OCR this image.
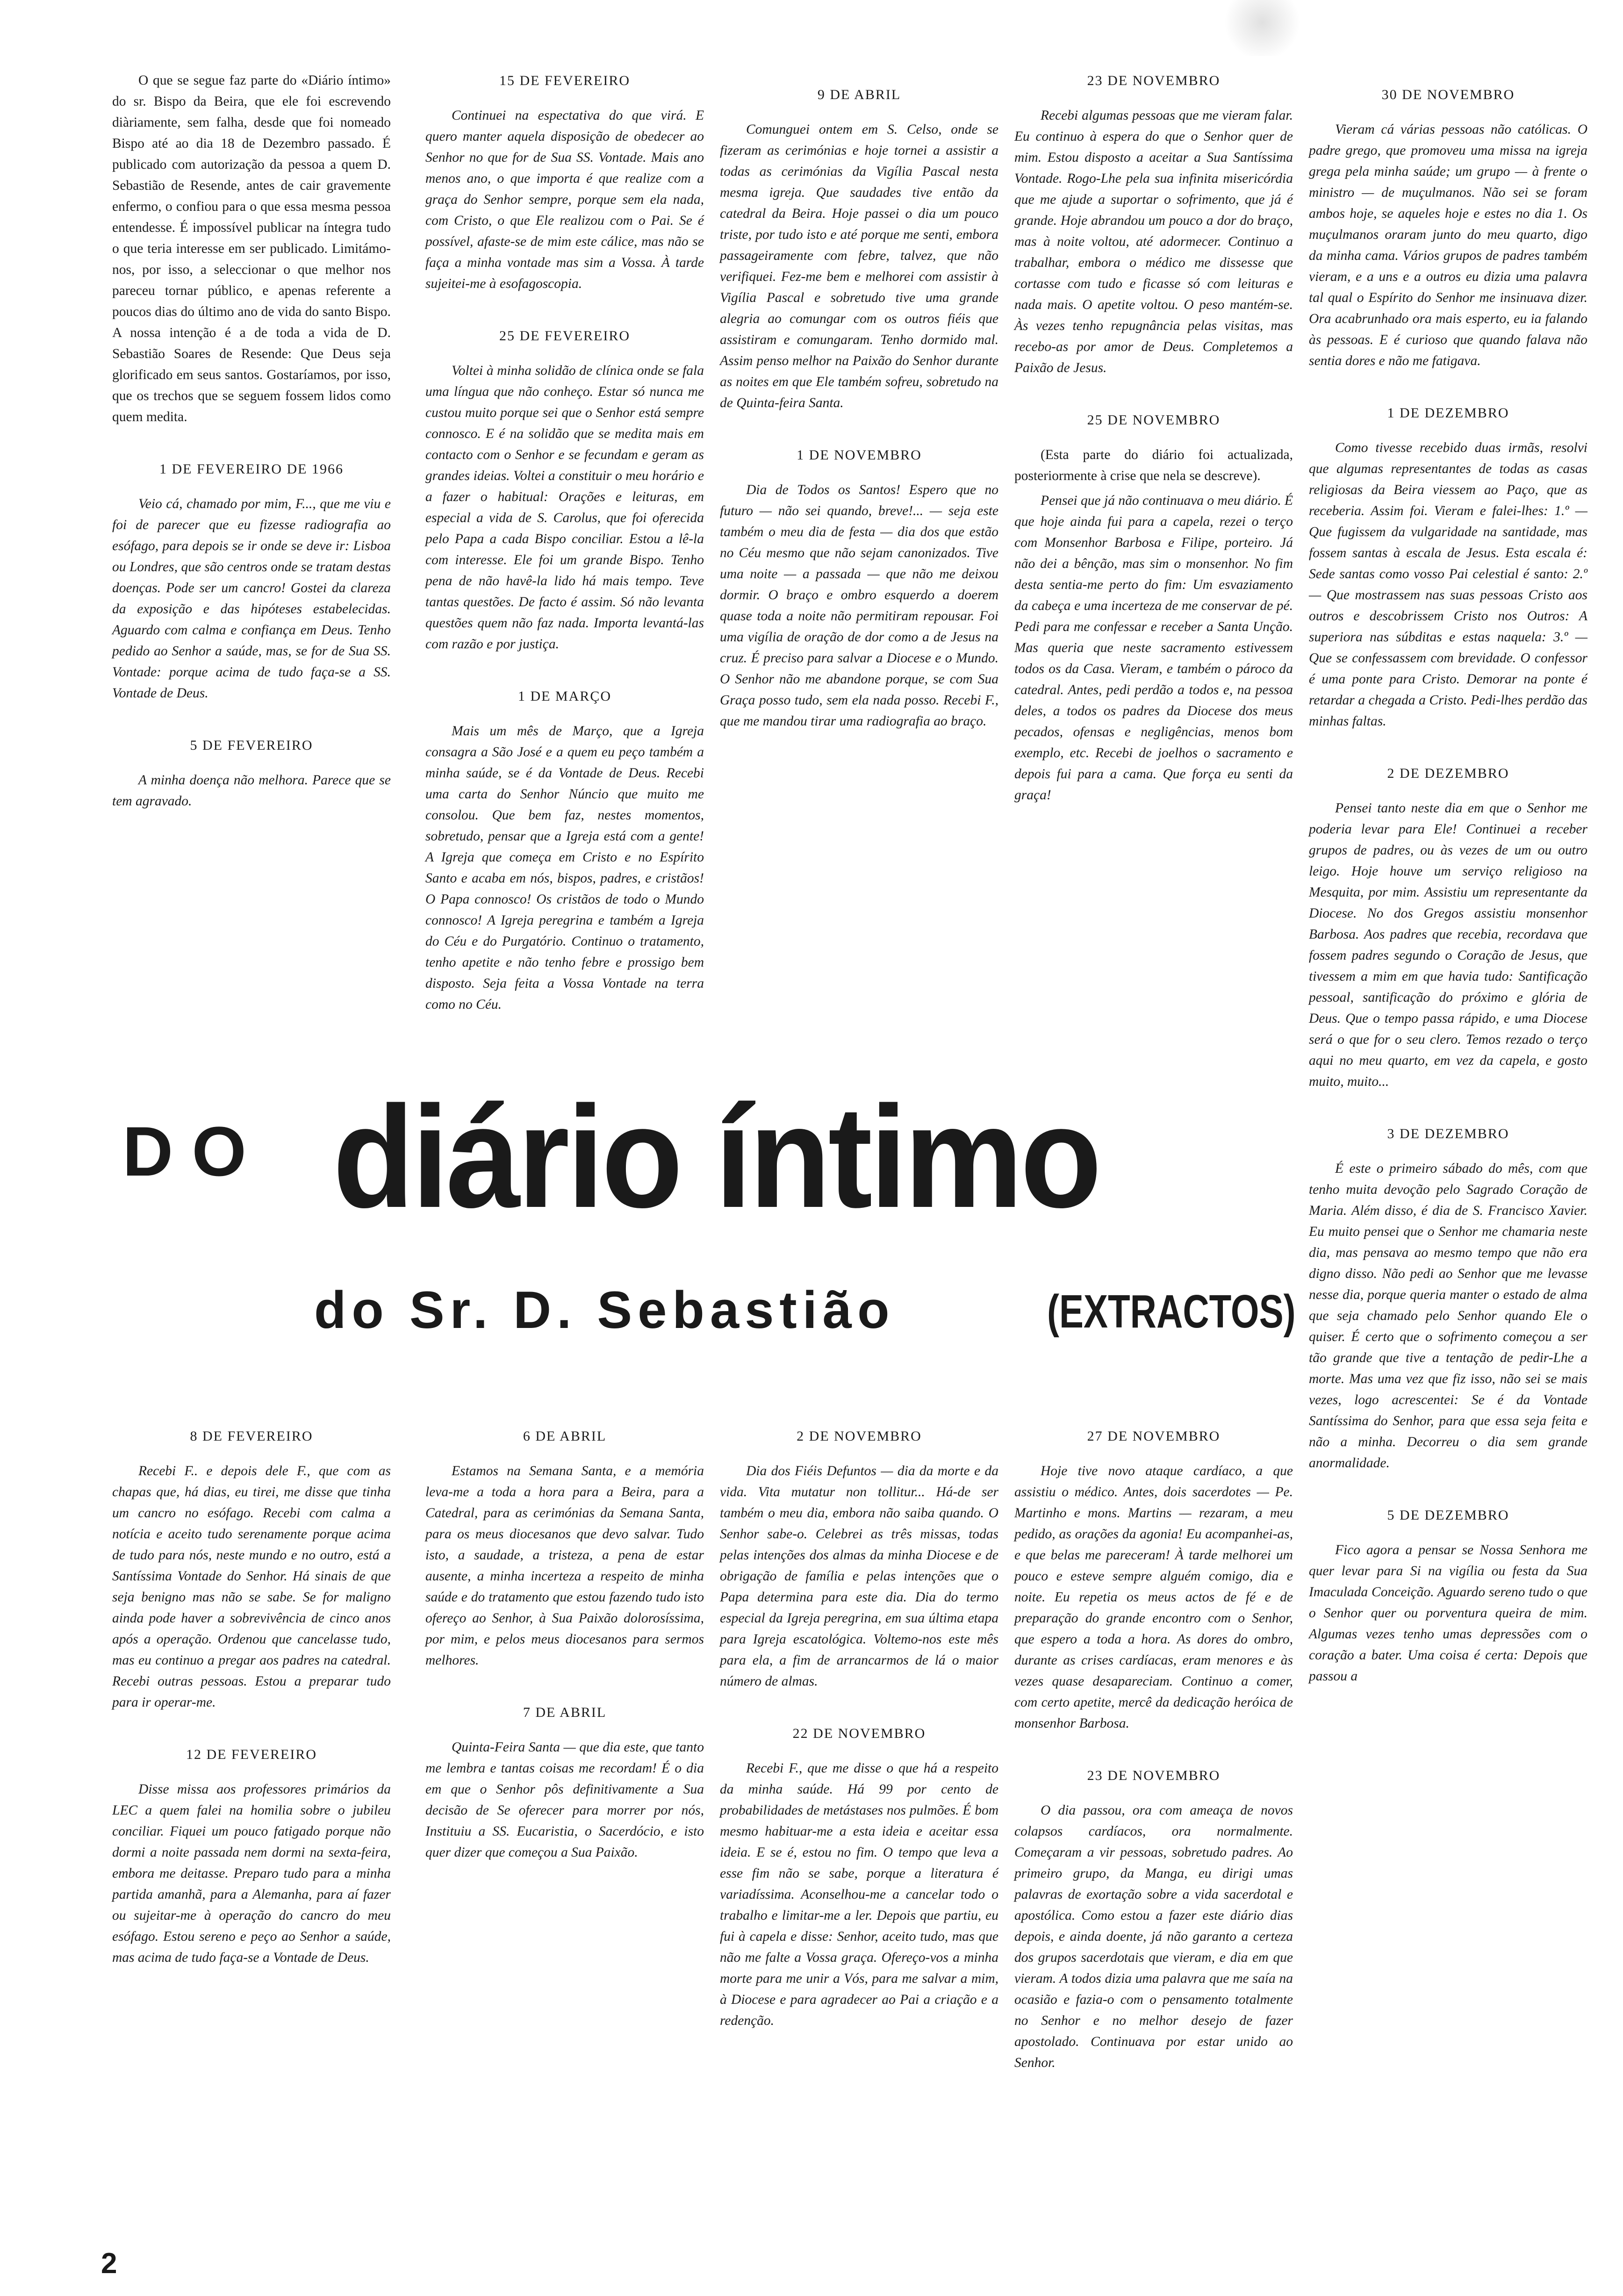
O que se segue faz parte do «Diário íntimo» do sr. Bispo da Beira, que ele foi escrevendo diàriamente, sem falha, desde que foi nomeado Bispo até ao dia 18 de Dezembro passado. É publicado com autorização da pessoa a quem D. Sebastião de Resende, antes de cair gravemente enfermo, o confiou para o que essa mesma pessoa entendesse. É impossível publicar na íntegra tudo o que teria interesse em ser publicado. Limitámo-nos, por isso, a seleccionar o que melhor nos pareceu tornar público, e apenas referente a poucos dias do último ano de vida do santo Bispo. A nossa intenção é a de toda a vida de D. Sebastião Soares de Resende: Que Deus seja glorificado em seus santos. Gostaríamos, por isso, que os trechos que se seguem fossem lidos como quem medita.

1 DE FEVEREIRO DE 1966

Veio cá, chamado por mim, F..., que me viu e foi de parecer que eu fizesse radiografia ao esófago, para depois se ir onde se deve ir: Lisboa ou Londres, que são centros onde se tratam destas doenças. Pode ser um cancro! Gostei da clareza da exposição e das hipóteses estabelecidas. Aguardo com calma e confiança em Deus. Tenho pedido ao Senhor a saúde, mas, se for de Sua SS. Vontade: porque acima de tudo faça-se a SS. Vontade de Deus.

5 DE FEVEREIRO

A minha doença não melhora. Parece que se tem agravado.

15 DE FEVEREIRO

Continuei na espectativa do que virá. E quero manter aquela disposição de obedecer ao Senhor no que for de Sua SS. Vontade. Mais ano menos ano, o que importa é que realize com a graça do Senhor sempre, porque sem ela nada, com Cristo, o que Ele realizou com o Pai. Se é possível, afaste-se de mim este cálice, mas não se faça a minha vontade mas sim a Vossa. À tarde sujeitei-me à esofagoscopia.

25 DE FEVEREIRO

Voltei à minha solidão de clínica onde se fala uma língua que não conheço. Estar só nunca me custou muito porque sei que o Senhor está sempre connosco. E é na solidão que se medita mais em contacto com o Senhor e se fecundam e geram as grandes ideias. Voltei a constituir o meu horário e a fazer o habitual: Orações e leituras, em especial a vida de S. Carolus, que foi oferecida pelo Papa a cada Bispo conciliar. Estou a lê-la com interesse. Ele foi um grande Bispo. Tenho pena de não havê-la lido há mais tempo. Teve tantas questões. De facto é assim. Só não levanta questões quem não faz nada. Importa levantá-las com razão e por justiça.

1 DE MARÇO

Mais um mês de Março, que a Igreja consagra a São José e a quem eu peço também a minha saúde, se é da Vontade de Deus. Recebi uma carta do Senhor Núncio que muito me consolou. Que bem faz, nestes momentos, sobretudo, pensar que a Igreja está com a gente! A Igreja que começa em Cristo e no Espírito Santo e acaba em nós, bispos, padres, e cristãos! O Papa connosco! Os cristãos de todo o Mundo connosco! A Igreja peregrina e também a Igreja do Céu e do Purgatório. Continuo o tratamento, tenho apetite e não tenho febre e prossigo bem disposto. Seja feita a Vossa Vontade na terra como no Céu.

9 DE ABRIL

Comunguei ontem em S. Celso, onde se fizeram as cerimónias e hoje tornei a assistir a todas as cerimónias da Vigília Pascal nesta mesma igreja. Que saudades tive então da catedral da Beira. Hoje passei o dia um pouco triste, por tudo isto e até porque me senti, embora passageiramente com febre, talvez, que não verifiquei. Fez-me bem e melhorei com assistir à Vigília Pascal e sobretudo tive uma grande alegria ao comungar com os outros fiéis que assistiram e comungaram. Tenho dormido mal. Assim penso melhor na Paixão do Senhor durante as noites em que Ele também sofreu, sobretudo na de Quinta-feira Santa.

1 DE NOVEMBRO

Dia de Todos os Santos! Espero que no futuro — não sei quando, breve!... — seja este também o meu dia de festa — dia dos que estão no Céu mesmo que não sejam canonizados. Tive uma noite — a passada — que não me deixou dormir. O braço e ombro esquerdo a doerem quase toda a noite não permitiram repousar. Foi uma vigília de oração de dor como a de Jesus na cruz. É preciso para salvar a Diocese e o Mundo. O Senhor não me abandone porque, se com Sua Graça posso tudo, sem ela nada posso. Recebi F., que me mandou tirar uma radiografia ao braço.

23 DE NOVEMBRO

Recebi algumas pessoas que me vieram falar. Eu continuo à espera do que o Senhor quer de mim. Estou disposto a aceitar a Sua Santíssima Vontade. Rogo-Lhe pela sua infinita misericórdia que me ajude a suportar o sofrimento, que já é grande. Hoje abrandou um pouco a dor do braço, mas à noite voltou, até adormecer. Continuo a trabalhar, embora o médico me dissesse que cortasse com tudo e ficasse só com leituras e nada mais. O apetite voltou. O peso mantém-se. Às vezes tenho repugnância pelas visitas, mas recebo-as por amor de Deus. Completemos a Paixão de Jesus.

25 DE NOVEMBRO

(Esta parte do diário foi actualizada, posteriormente à crise que nela se descreve).

Pensei que já não continuava o meu diário. É que hoje ainda fui para a capela, rezei o terço com Monsenhor Barbosa e Filipe, porteiro. Já não dei a bênção, mas sim o monsenhor. No fim desta sentia-me perto do fim: Um esvaziamento da cabeça e uma incerteza de me conservar de pé. Pedi para me confessar e receber a Santa Unção. Mas queria que neste sacramento estivessem todos os da Casa. Vieram, e também o pároco da catedral. Antes, pedi perdão a todos e, na pessoa deles, a todos os padres da Diocese dos meus pecados, ofensas e negligências, menos bom exemplo, etc. Recebi de joelhos o sacramento e depois fui para a cama. Que força eu senti da graça!

30 DE NOVEMBRO

Vieram cá várias pessoas não católicas. O padre grego, que promoveu uma missa na igreja grega pela minha saúde; um grupo — à frente o ministro — de muçulmanos. Não sei se foram ambos hoje, se aqueles hoje e estes no dia 1. Os muçulmanos oraram junto do meu quarto, digo da minha cama. Vários grupos de padres também vieram, e a uns e a outros eu dizia uma palavra tal qual o Espírito do Senhor me insinuava dizer. Ora acabrunhado ora mais esperto, eu ia falando às pessoas. E é curioso que quando falava não sentia dores e não me fatigava.

1 DE DEZEMBRO

Como tivesse recebido duas irmãs, resolvi que algumas representantes de todas as casas religiosas da Beira viessem ao Paço, que as receberia. Assim foi. Vieram e falei-lhes: 1.º — Que fugissem da vulgaridade na santidade, mas fossem santas à escala de Jesus. Esta escala é: Sede santas como vosso Pai celestial é santo: 2.º — Que mostrassem nas suas pessoas Cristo aos outros e descobrissem Cristo nos Outros: A superiora nas súbditas e estas naquela: 3.º — Que se confessassem com brevidade. O confessor é uma ponte para Cristo. Demorar na ponte é retardar a chegada a Cristo. Pedi-lhes perdão das minhas faltas.

2 DE DEZEMBRO

Pensei tanto neste dia em que o Senhor me poderia levar para Ele! Continuei a receber grupos de padres, ou às vezes de um ou outro leigo. Hoje houve um serviço religioso na Mesquita, por mim. Assistiu um representante da Diocese. No dos Gregos assistiu monsenhor Barbosa. Aos padres que recebia, recordava que fossem padres segundo o Coração de Jesus, que tivessem a mim em que havia tudo: Santificação pessoal, santificação do próximo e glória de Deus. Que o tempo passa rápido, e uma Diocese será o que for o seu clero. Temos rezado o terço aqui no meu quarto, em vez da capela, e gosto muito, muito...

3 DE DEZEMBRO

É este o primeiro sábado do mês, com que tenho muita devoção pelo Sagrado Coração de Maria. Além disso, é dia de S. Francisco Xavier. Eu muito pensei que o Senhor me chamaria neste dia, mas pensava ao mesmo tempo que não era digno disso. Não pedi ao Senhor que me levasse nesse dia, porque queria manter o estado de alma que seja chamado pelo Senhor quando Ele o quiser. É certo que o sofrimento começou a ser tão grande que tive a tentação de pedir-Lhe a morte. Mas uma vez que fiz isso, não sei se mais vezes, logo acrescentei: Se é da Vontade Santíssima do Senhor, para que essa seja feita e não a minha. Decorreu o dia sem grande anormalidade.

5 DE DEZEMBRO

Fico agora a pensar se Nossa Senhora me quer levar para Si na vigília ou festa da Sua Imaculada Conceição. Aguardo sereno tudo o que o Senhor quer ou porventura queira de mim. Algumas vezes tenho umas depressões com o coração a bater. Uma coisa é certa: Depois que passou a

DO diário íntimo
do Sr. D. Sebastião	(EXTRACTOS)
8 DE FEVEREIRO

Recebi F.. e depois dele F., que com as chapas que, há dias, eu tirei, me disse que tinha um cancro no esófago. Recebi com calma a notícia e aceito tudo serenamente porque acima de tudo para nós, neste mundo e no outro, está a Santíssima Vontade do Senhor. Há sinais de que seja benigno mas não se sabe. Se for maligno ainda pode haver a sobrevivência de cinco anos após a operação. Ordenou que cancelasse tudo, mas eu continuo a pregar aos padres na catedral. Recebi outras pessoas. Estou a preparar tudo para ir operar-me.

12 DE FEVEREIRO

Disse missa aos professores primários da LEC a quem falei na homilia sobre o jubileu conciliar. Fiquei um pouco fatigado porque não dormi a noite passada nem dormi na sexta-feira, embora me deitasse. Preparo tudo para a minha partida amanhã, para a Alemanha, para aí fazer ou sujeitar-me à operação do cancro do meu esófago. Estou sereno e peço ao Senhor a saúde, mas acima de tudo faça-se a Vontade de Deus.

6 DE ABRIL

Estamos na Semana Santa, e a memória leva-me a toda a hora para a Beira, para a Catedral, para as cerimónias da Semana Santa, para os meus diocesanos que devo salvar. Tudo isto, a saudade, a tristeza, a pena de estar ausente, a minha incerteza a respeito de minha saúde e do tratamento que estou fazendo tudo isto ofereço ao Senhor, à Sua Paixão dolorosíssima, por mim, e pelos meus diocesanos para sermos melhores.

7 DE ABRIL

Quinta-Feira Santa — que dia este, que tanto me lembra e tantas coisas me recordam! É o dia em que o Senhor pôs definitivamente a Sua decisão de Se oferecer para morrer por nós, Instituiu a SS. Eucaristia, o Sacerdócio, e isto quer dizer que começou a Sua Paixão.

2 DE NOVEMBRO

Dia dos Fiéis Defuntos — dia da morte e da vida. Vita mutatur non tollitur... Há-de ser também o meu dia, embora não saiba quando. O Senhor sabe-o. Celebrei as três missas, todas pelas intenções dos almas da minha Diocese e de obrigação de família e pelas intenções que o Papa determina para este dia. Dia do termo especial da Igreja peregrina, em sua última etapa para Igreja escatológica. Voltemo-nos este mês para ela, a fim de arrancarmos de lá o maior número de almas.

22 DE NOVEMBRO

Recebi F., que me disse o que há a respeito da minha saúde. Há 99 por cento de probabilidades de metástases nos pulmões. É bom mesmo habituar-me a esta ideia e aceitar essa ideia. E se é, estou no fim. O tempo que leva a esse fim não se sabe, porque a literatura é variadíssima. Aconselhou-me a cancelar todo o trabalho e limitar-me a ler. Depois que partiu, eu fui à capela e disse: Senhor, aceito tudo, mas que não me falte a Vossa graça. Ofereço-vos a minha morte para me unir a Vós, para me salvar a mim, à Diocese e para agradecer ao Pai a criação e a redenção.

27 DE NOVEMBRO

Hoje tive novo ataque cardíaco, a que assistiu o médico. Antes, dois sacerdotes — Pe. Martinho e mons. Martins — rezaram, a meu pedido, as orações da agonia! Eu acompanhei-as, e que belas me pareceram! À tarde melhorei um pouco e esteve sempre alguém comigo, dia e noite. Eu repetia os meus actos de fé e de preparação do grande encontro com o Senhor, que espero a toda a hora. As dores do ombro, durante as crises cardíacas, eram menores e às vezes quase desapareciam. Continuo a comer, com certo apetite, mercê da dedicação heróica de monsenhor Barbosa.

23 DE NOVEMBRO

O dia passou, ora com ameaça de novos colapsos cardíacos, ora normalmente. Começaram a vir pessoas, sobretudo padres. Ao primeiro grupo, da Manga, eu dirigi umas palavras de exortação sobre a vida sacerdotal e apostólica. Como estou a fazer este diário dias depois, e ainda doente, já não garanto a certeza dos grupos sacerdotais que vieram, e dia em que vieram. A todos dizia uma palavra que me saía na ocasião e fazia-o com o pensamento totalmente no Senhor e no melhor desejo de fazer apostolado. Continuava por estar unido ao Senhor.

2
